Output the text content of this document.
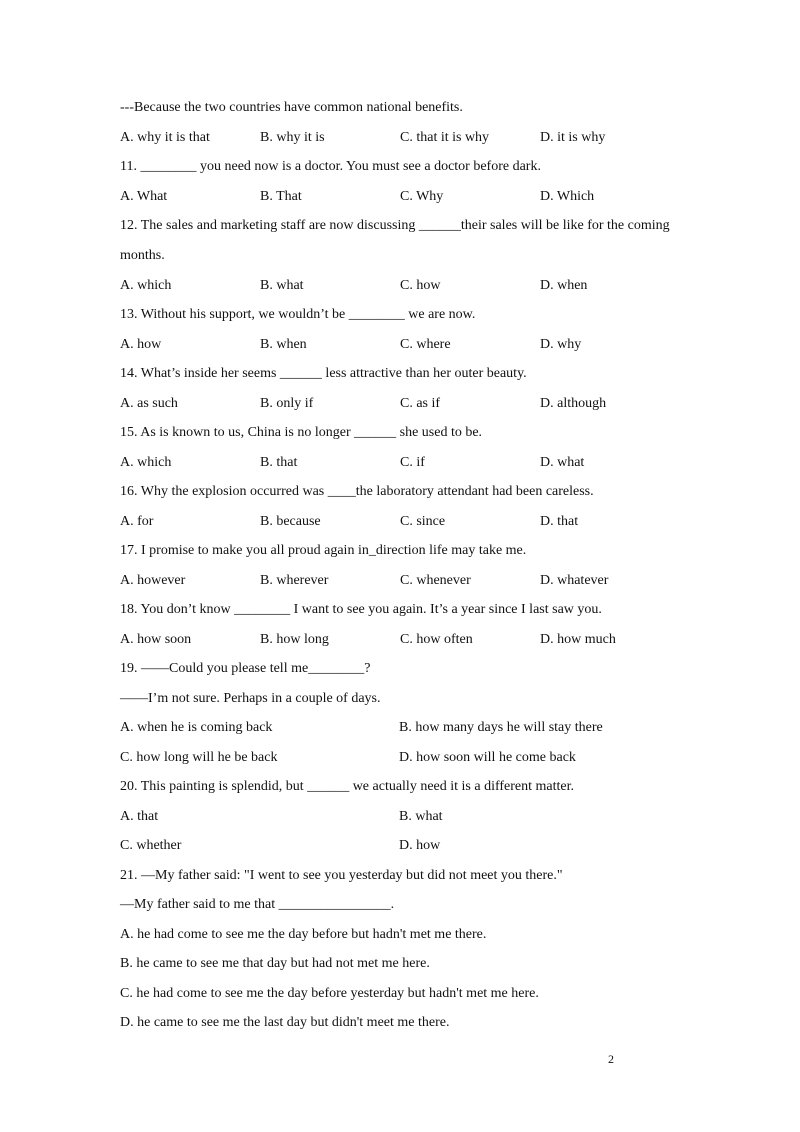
---Because the two countries have common national benefits.
A. why it is that	B. why it is	C. that it is why	D. it is why
11. ________ you need now is a doctor. You must see a doctor before dark.
A. What	B. That	C. Why	D. Which
12. The sales and marketing staff are now discussing ______their sales will be like for the coming
months.
A. which	B. what	C. how	D. when
13. Without his support, we wouldn’t be ________ we are now.
A. how	B. when	C. where	D. why
14. What’s inside her seems ______ less attractive than her outer beauty.
A. as such	B. only if	C. as if	D. although
15. As is known to us, China is no longer ______ she used to be.
A. which	B. that	C. if	D. what
16. Why the explosion occurred was ____the laboratory attendant had been careless.
A. for	B. because	C. since	D. that
17. I promise to make you all proud again in_direction life may take me.
A. however	B. wherever	C. whenever	D. whatever
18. You don’t know ________ I want to see you again. It’s a year since I last saw you.
A. how soon	B. how long	C. how often	D. how much
19. ——Could you please tell me________?
——I’m not sure. Perhaps in a couple of days.
A. when he is coming back	B. how many days he will stay there
C. how long will he be back	D. how soon will he come back
20. This painting is splendid, but ______ we actually need it is a different matter.
A. that	B. what
C. whether	D. how
21. —My father said: "I went to see you yesterday but did not meet you there."
—My father said to me that ________________.
A. he had come to see me the day before but hadn't met me there.
B. he came to see me that day but had not met me here.
C. he had come to see me the day before yesterday but hadn't met me here.
D. he came to see me the last day but didn't meet me there.
2
